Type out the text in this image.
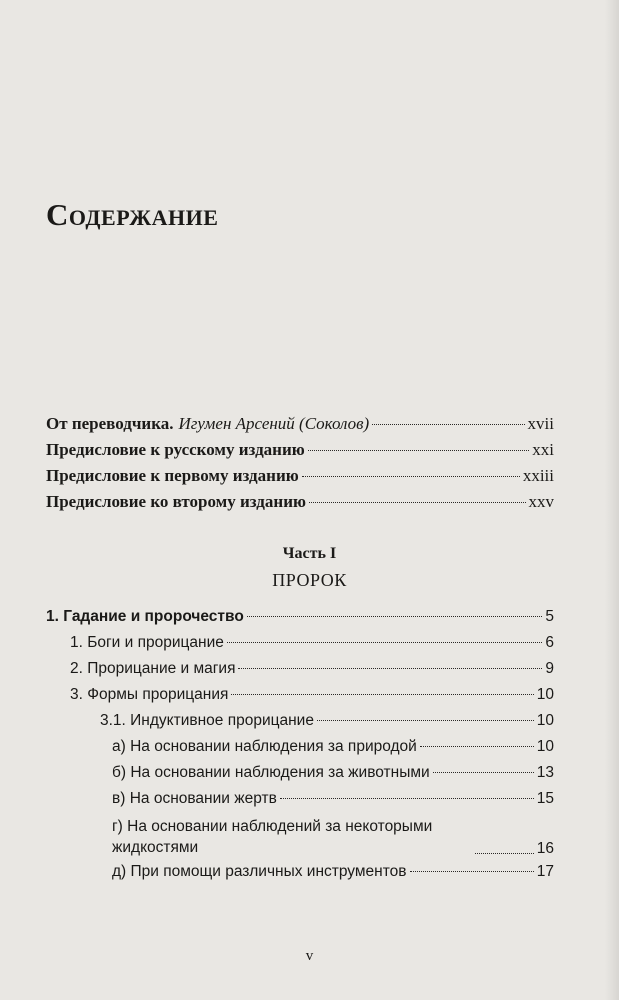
Содержание
От переводчика. Игумен Арсений (Соколов)	xvii
Предисловие к русскому изданию	xxi
Предисловие к первому изданию	xxiii
Предисловие ко второму изданию	xxv
Часть I
ПРОРОК
1. Гадание и пророчество	5
1. Боги и прорицание	6
2. Прорицание и магия	9
3. Формы прорицания	10
3.1. Индуктивное прорицание	10
а) На основании наблюдения за природой	10
б) На основании наблюдения за животными	13
в) На основании жертв	15
г) На основании наблюдений за некоторыми жидкостями	16
д) При помощи различных инструментов	17
v
